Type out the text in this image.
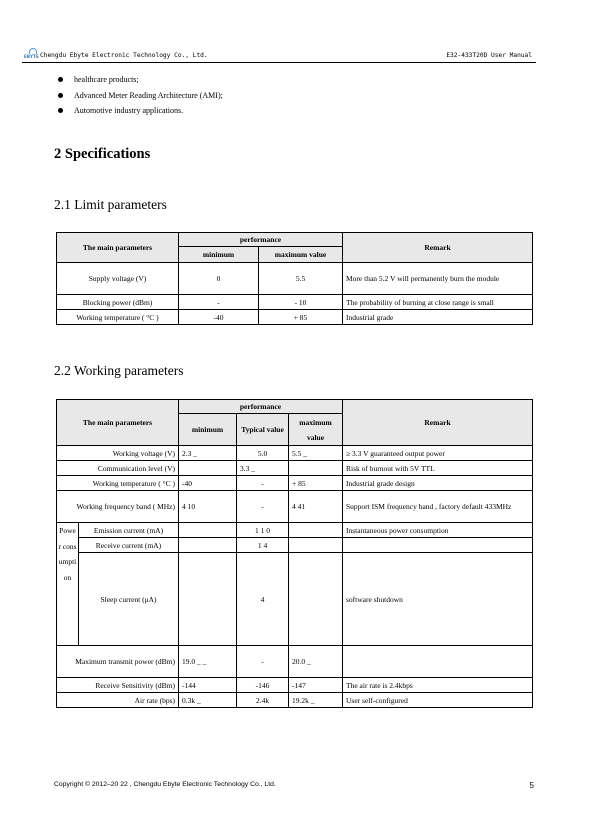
EBYTE Chengdu Ebyte Electronic Technology Co., Ltd.	E32-433T20D User Manual
healthcare products;
Advanced Meter Reading Architecture (AMI);
Automotive industry applications.
2 Specifications
2.1 Limit parameters
The main parameters	performance		Remark
	minimum	maximum value	
Supply voltage (V)	0	5.5	More than 5.2 V will permanently burn the module
Blocking power (dBm)	-	- 10	The probability of burning at close range is small
Working temperature ( °C )	-40	+ 85	Industrial grade
2.2 Working parameters
The main parameters		performance			Remark
		minimum	Typical value	maximum value	
Working voltage (V)		2.3 _	5.0	5.5 _	≥ 3.3 V guaranteed output power
Communication level (V)			3.3 _		Risk of burnout with 5V TTL
Working temperature ( °C )		-40	-	+ 85	Industrial grade design
Working frequency band ( MHz)		4 10	-	4 41	Support ISM frequency band , factory default 433MHz
Power consumption	Emission current (mA)		1 1 0		Instantaneous power consumption
	Receive current (mA)		1 4		
	Sleep current (μA)		4		software shutdown
Maximum transmit power (dBm)		19.0 _ _	-	20.0 _	
Receive Sensitivity (dBm)		-144	-146	-147	The air rate is 2.4kbps
Air rate (bps)		0.3k _	2.4k	19.2k _	User self-configured
Copyright © 2012–20 22 , Chengdu Ebyte Electronic Technology Co., Ltd.	5
